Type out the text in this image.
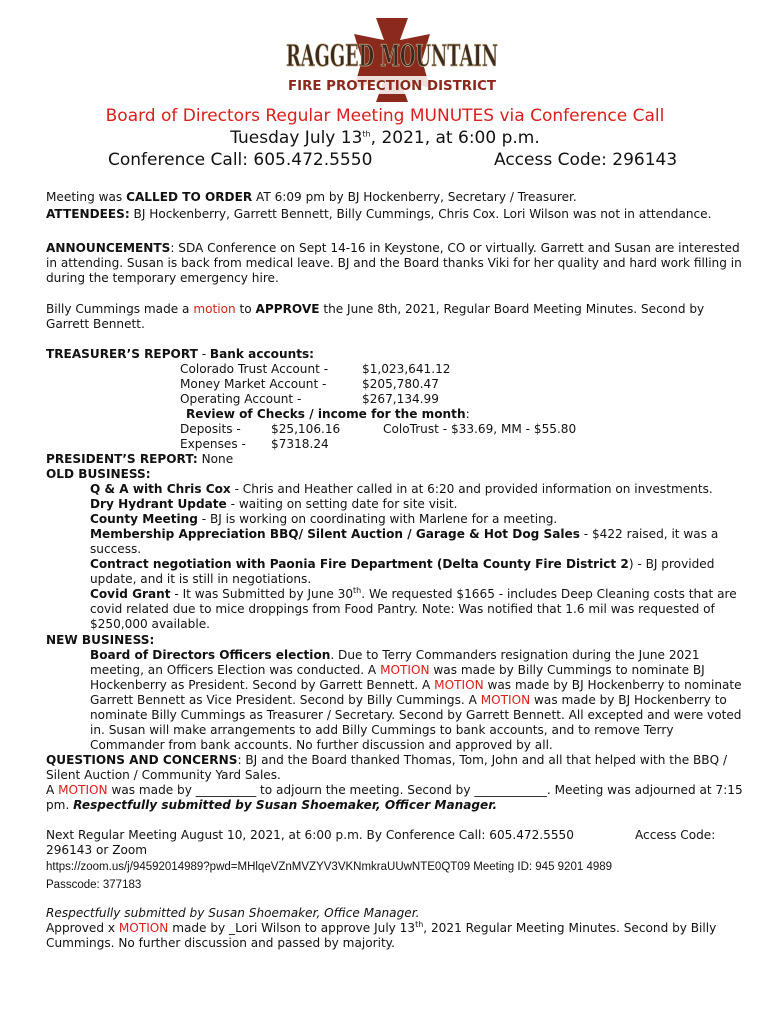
RAGGED MOUNTAIN
FIRE PROTECTION DISTRICT
Board of Directors Regular Meeting MUNUTES via Conference Call
Tuesday July 13th, 2021, at 6:00 p.m.
Conference Call: 605.472.5550	Access Code: 296143
Meeting was CALLED TO ORDER AT 6:09 pm by BJ Hockenberry, Secretary / Treasurer.
ATTENDEES: BJ Hockenberry, Garrett Bennett, Billy Cummings, Chris Cox. Lori Wilson was not in attendance.
ANNOUNCEMENTS: SDA Conference on Sept 14-16 in Keystone, CO or virtually. Garrett and Susan are interested in attending. Susan is back from medical leave. BJ and the Board thanks Viki for her quality and hard work filling in during the temporary emergency hire.
Billy Cummings made a motion to APPROVE the June 8th, 2021, Regular Board Meeting Minutes. Second by Garrett Bennett.
TREASURER’S REPORT - Bank accounts:
Colorado Trust Account -	$1,023,641.12
Money Market Account -	$205,780.47
Operating Account -	$267,134.99
Review of Checks / income for the month:
Deposits -	$25,106.16	ColoTrust - $33.69, MM - $55.80
Expenses - $7318.24
PRESIDENT’S REPORT: None
OLD BUSINESS:

Q & A with Chris Cox - Chris and Heather called in at 6:20 and provided information on investments.

Dry Hydrant Update - waiting on setting date for site visit.

County Meeting - BJ is working on coordinating with Marlene for a meeting.

Membership Appreciation BBQ/ Silent Auction / Garage & Hot Dog Sales - $422 raised, it was a success.

Contract negotiation with Paonia Fire Department (Delta County Fire District 2) - BJ provided update, and it is still in negotiations.

Covid Grant - It was Submitted by June 30th. We requested $1665 - includes Deep Cleaning costs that are covid related due to mice droppings from Food Pantry. Note: Was notified that 1.6 mil was requested of $250,000 available.

NEW BUSINESS:
Board of Directors Officers election. Due to Terry Commanders resignation during the June 2021 meeting, an Officers Election was conducted. A MOTION was made by Billy Cummings to nominate BJ Hockenberry as President. Second by Garrett Bennett. A MOTION was made by BJ Hockenberry to nominate Garrett Bennett as Vice President. Second by Billy Cummings. A MOTION was made by BJ Hockenberry to nominate Billy Cummings as Treasurer / Secretary. Second by Garrett Bennett. All excepted and were voted in. Susan will make arrangements to add Billy Cummings to bank accounts, and to remove Terry Commander from bank accounts. No further discussion and approved by all.
QUESTIONS AND CONCERNS: BJ and the Board thanked Thomas, Tom, John and all that helped with the BBQ / Silent Auction / Community Yard Sales.
A MOTION was made by __________ to adjourn the meeting. Second by ____________. Meeting was adjourned at 7:15 pm. Respectfully submitted by Susan Shoemaker, Officer Manager.
Next Regular Meeting August 10, 2021, at 6:00 p.m. By Conference Call: 605.472.5550	Access Code:
296143 or Zoom
https://zoom.us/j/94592014989?pwd=MHlqeVZnMVZYV3VKNmkraUUwNTE0QT09 Meeting ID: 945 9201 4989
Passcode: 377183
Respectfully submitted by Susan Shoemaker, Office Manager.
Approved x MOTION made by _Lori Wilson to approve July 13th, 2021 Regular Meeting Minutes. Second by Billy Cummings. No further discussion and passed by majority.
